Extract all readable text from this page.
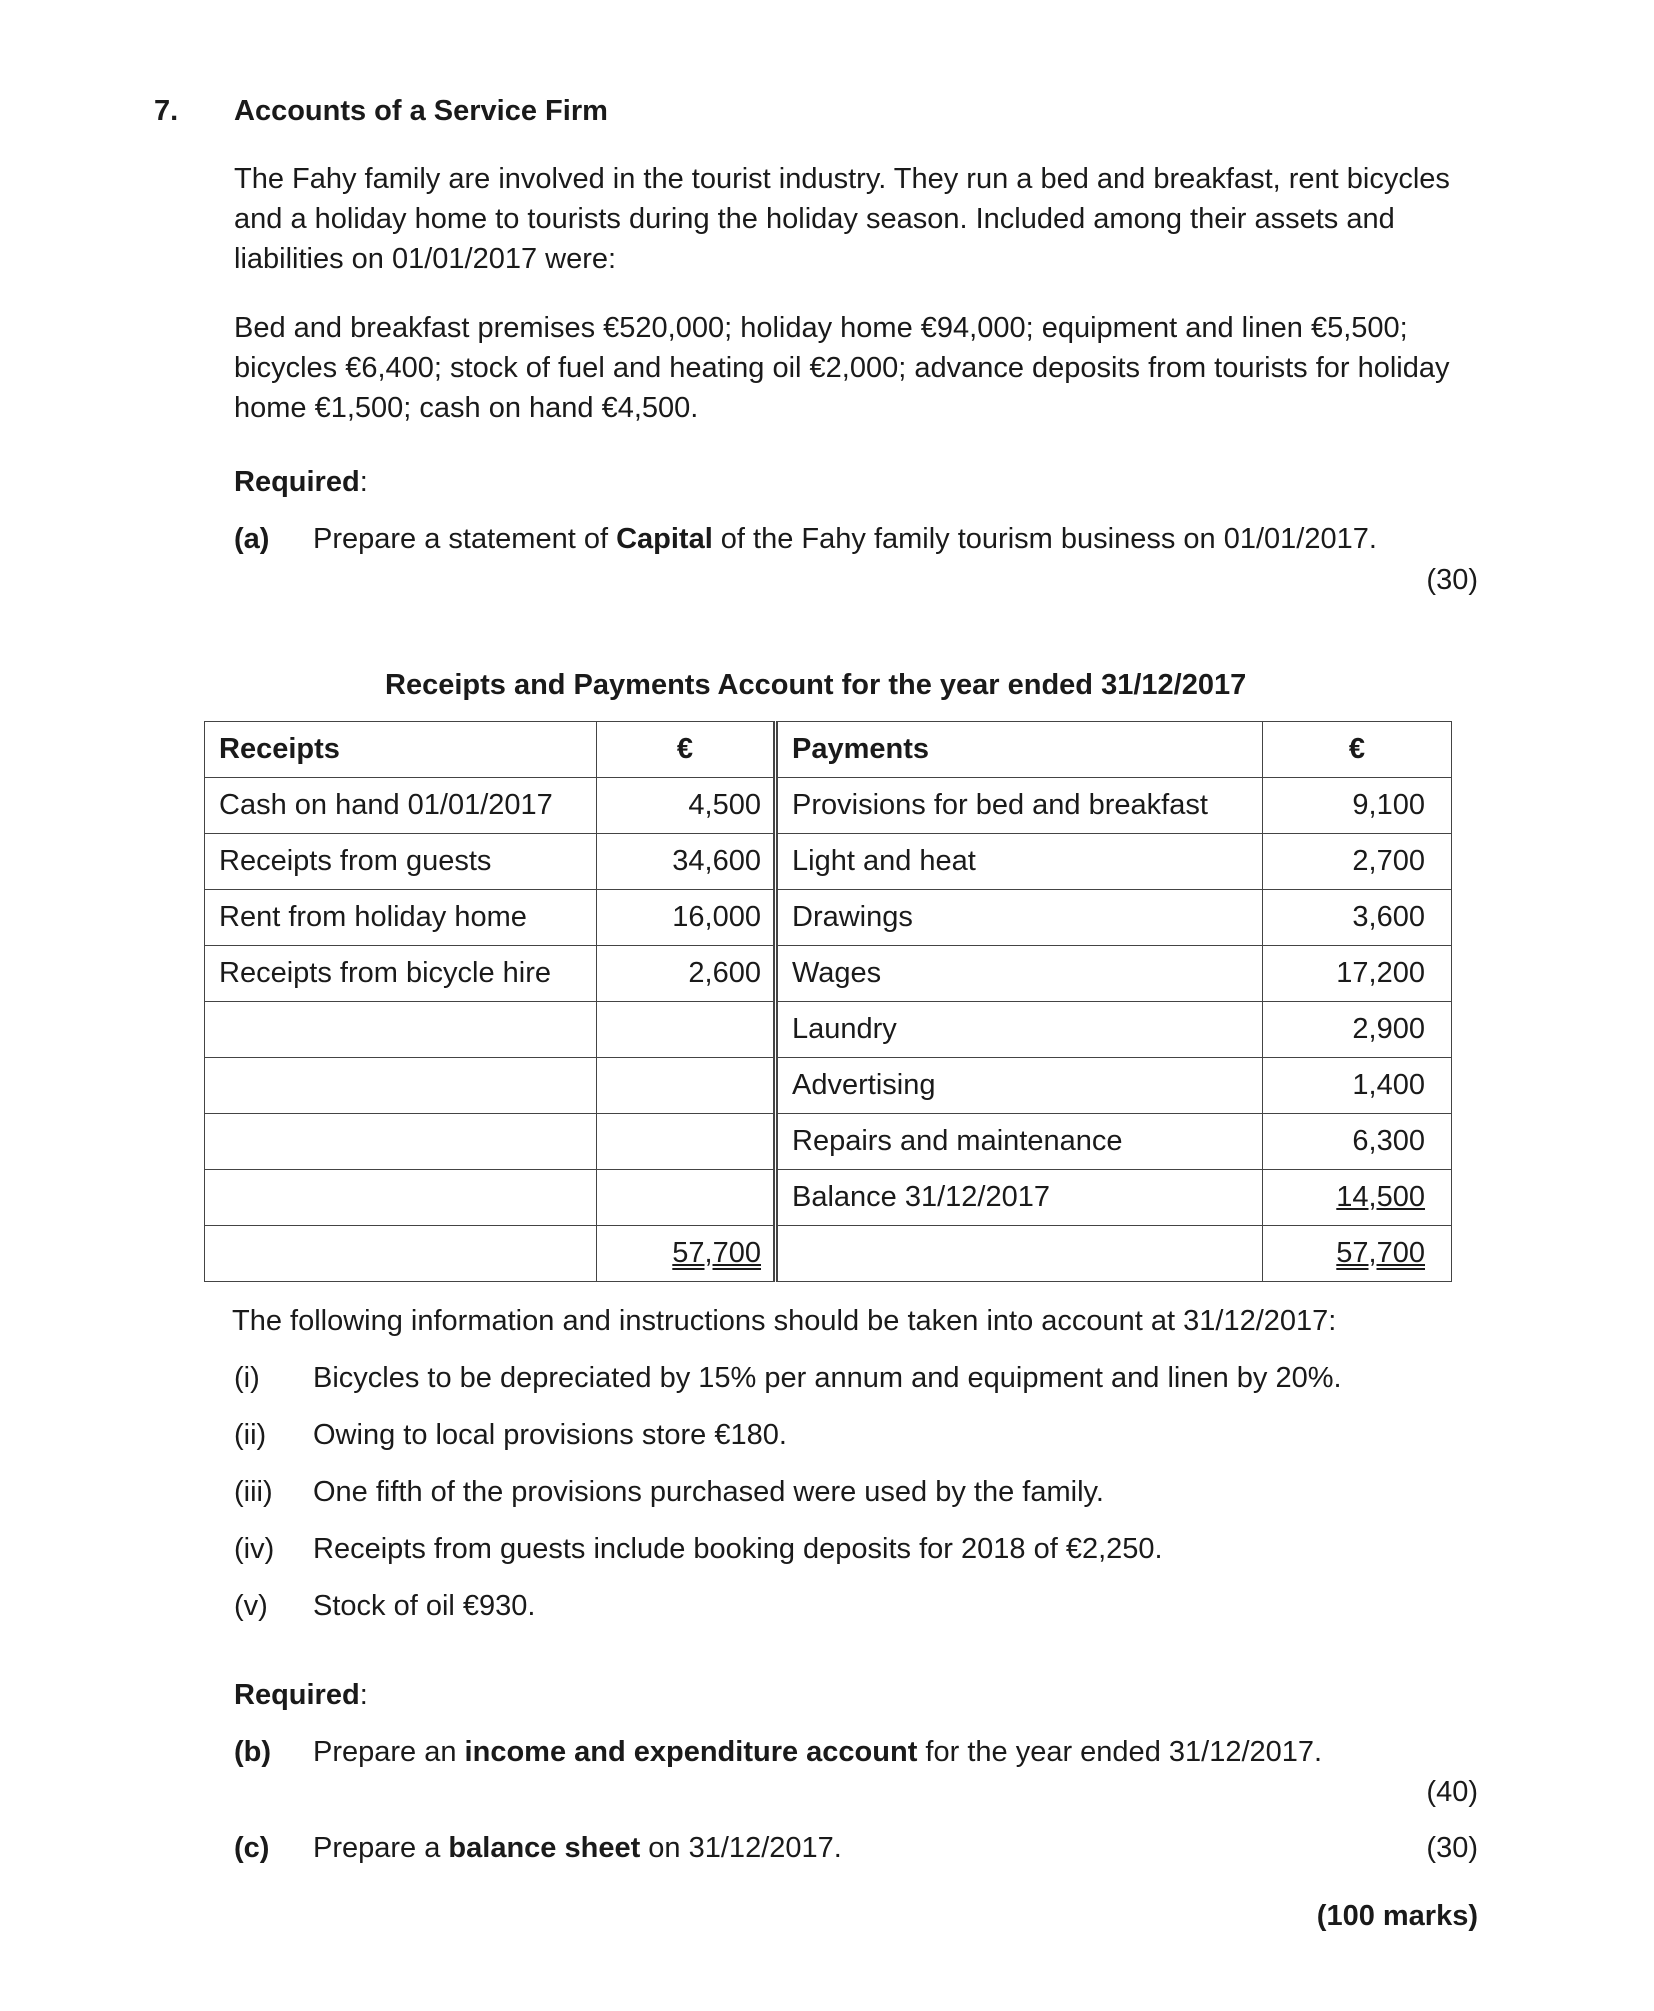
7. Accounts of a Service Firm
The Fahy family are involved in the tourist industry. They run a bed and breakfast, rent bicycles and a holiday home to tourists during the holiday season. Included among their assets and liabilities on 01/01/2017 were:
Bed and breakfast premises €520,000; holiday home €94,000; equipment and linen €5,500; bicycles €6,400; stock of fuel and heating oil €2,000; advance deposits from tourists for holiday home €1,500; cash on hand €4,500.
Required:
(a) Prepare a statement of Capital of the Fahy family tourism business on 01/01/2017.
(30)
Receipts and Payments Account for the year ended 31/12/2017
Receipts	€	Payments	€
Cash on hand 01/01/2017	4,500	Provisions for bed and breakfast	9,100
Receipts from guests	34,600	Light and heat	2,700
Rent from holiday home	16,000	Drawings	3,600
Receipts from bicycle hire	2,600	Wages	17,200
		Laundry	2,900
		Advertising	1,400
		Repairs and maintenance	6,300
		Balance 31/12/2017	14,500
	57,700		57,700
The following information and instructions should be taken into account at 31/12/2017:
(i) Bicycles to be depreciated by 15% per annum and equipment and linen by 20%.
(ii) Owing to local provisions store €180.
(iii) One fifth of the provisions purchased were used by the family.
(iv) Receipts from guests include booking deposits for 2018 of €2,250.
(v) Stock of oil €930.
Required:
(b) Prepare an income and expenditure account for the year ended 31/12/2017.
(40)
(c) Prepare a balance sheet on 31/12/2017.	(30)
(100 marks)
